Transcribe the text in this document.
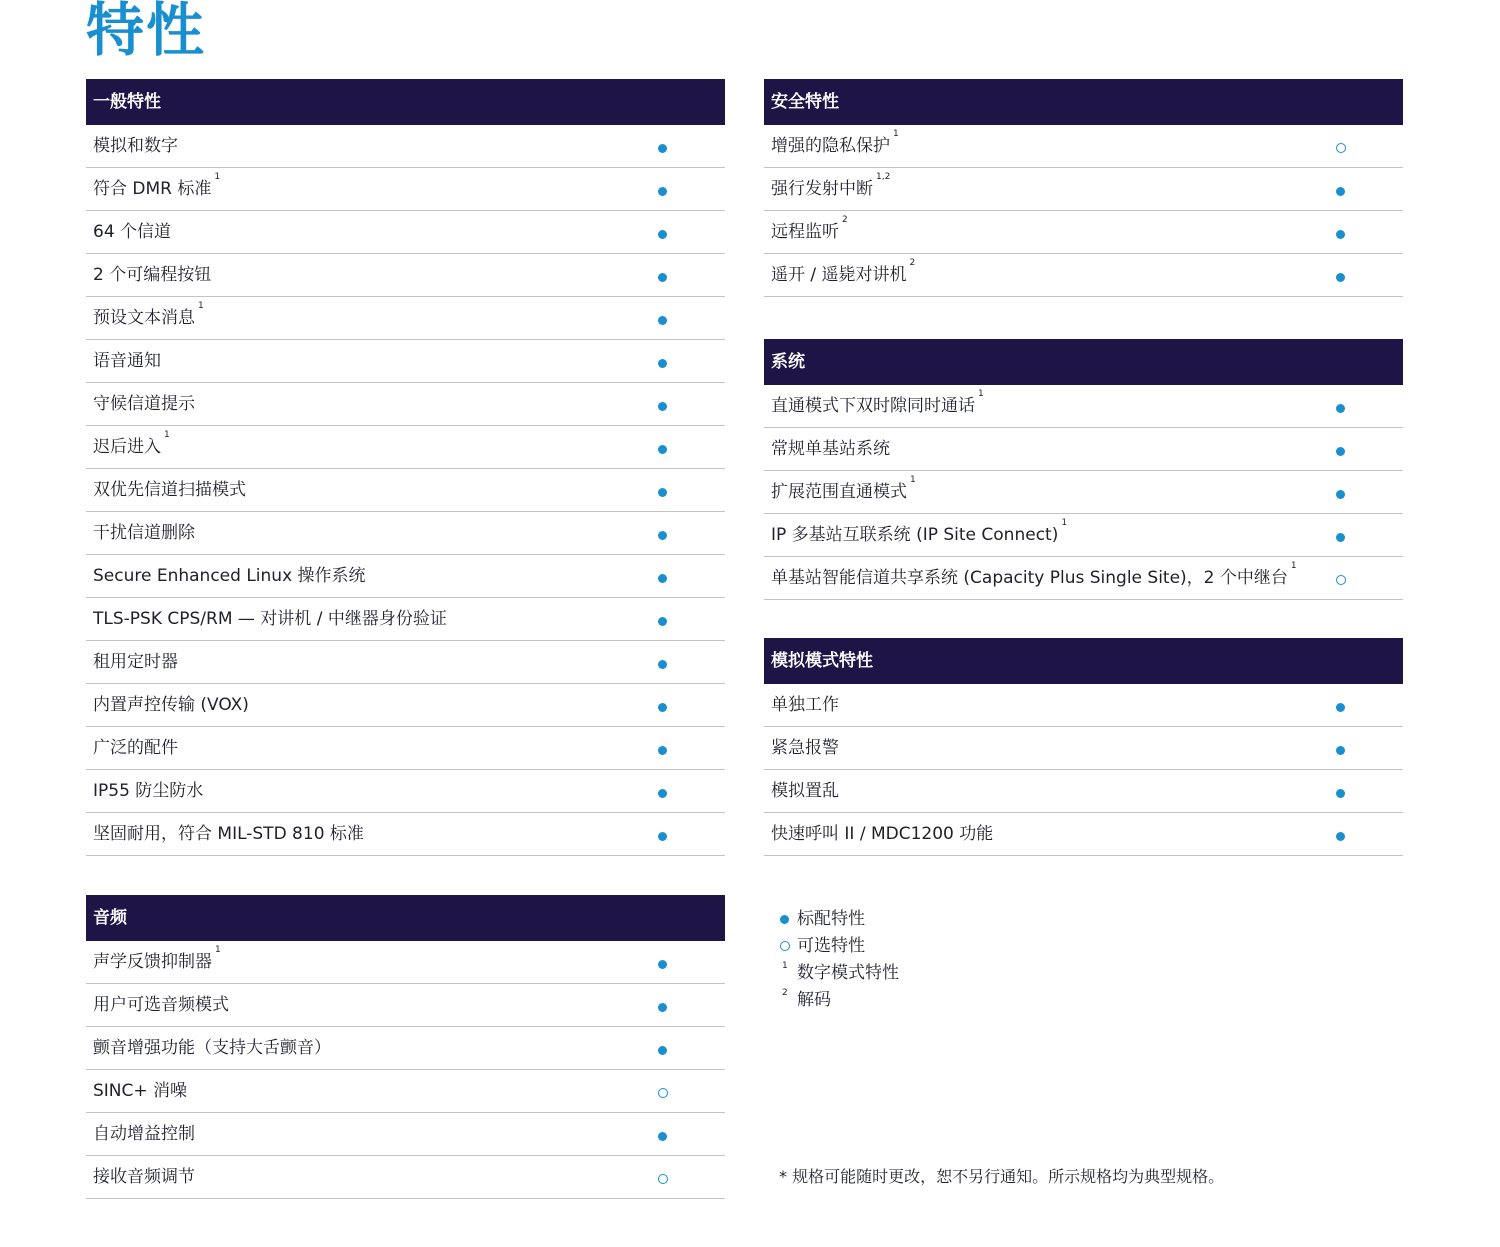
特性
一般特性
模拟和数字
符合 DMR 标准$^1$
64 个信道
2 个可编程按钮
预设文本消息$^1$
语音通知
守候信道提示
迟后进入$^1$
双优先信道扫描模式
干扰信道删除
Secure Enhanced Linux 操作系统
TLS-PSK CPS/RM — 对讲机 / 中继器身份验证
租用定时器
内置声控传输 (VOX)
广泛的配件
IP55 防尘防水
坚固耐用，符合 MIL-STD 810 标准
音频
声学反馈抑制器$^1$
用户可选音频模式
颤音增强功能（支持大舌颤音）
SINC+ 消噪
自动增益控制
接收音频调节
安全特性
增强的隐私保护$^1$
强行发射中断$^{1,2}$
远程监听$^2$
遥开 / 遥毙对讲机$^2$
系统
直通模式下双时隙同时通话$^1$
常规单基站系统
扩展范围直通模式$^1$
IP 多基站互联系统 (IP Site Connect)$^1$
单基站智能信道共享系统 (Capacity Plus Single Site)，2 个中继台$^1$
模拟模式特性
单独工作
紧急报警
模拟置乱
快速呼叫 II / MDC1200 功能
标配特性
可选特性
1 数字模式特性
2 解码
* 规格可能随时更改，恕不另行通知。所示规格均为典型规格。
